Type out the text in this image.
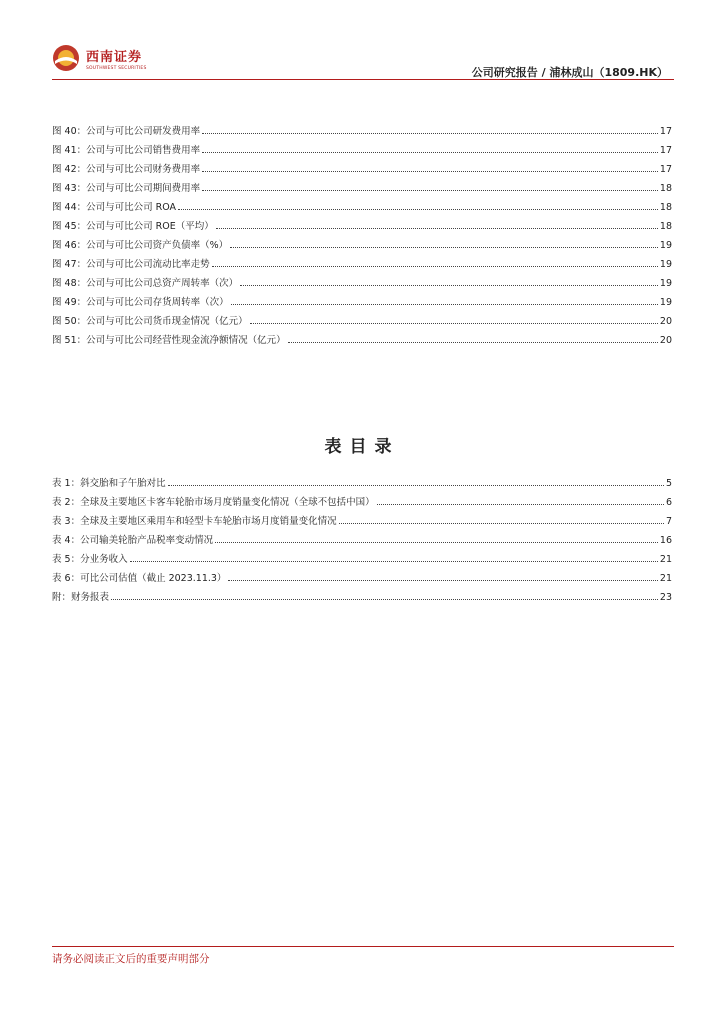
西南证券
SOUTHWEST SECURITIES	公司研究报告 / 浦林成山（1809.HK）
图 40：公司与可比公司研发费用率	17
图 41：公司与可比公司销售费用率	17
图 42：公司与可比公司财务费用率	17
图 43：公司与可比公司期间费用率	18
图 44：公司与可比公司 ROA	18
图 45：公司与可比公司 ROE（平均）	18
图 46：公司与可比公司资产负债率（%）	19
图 47：公司与可比公司流动比率走势	19
图 48：公司与可比公司总资产周转率（次）	19
图 49：公司与可比公司存货周转率（次）	19
图 50：公司与可比公司货币现金情况（亿元）	20
图 51：公司与可比公司经营性现金流净额情况（亿元）	20
表目录
表 1：斜交胎和子午胎对比	5
表 2：全球及主要地区卡客车轮胎市场月度销量变化情况（全球不包括中国）	6
表 3：全球及主要地区乘用车和轻型卡车轮胎市场月度销量变化情况	7
表 4：公司输美轮胎产品税率变动情况	16
表 5：分业务收入	21
表 6：可比公司估值（截止 2023.11.3）	21
附：财务报表	23
请务必阅读正文后的重要声明部分
